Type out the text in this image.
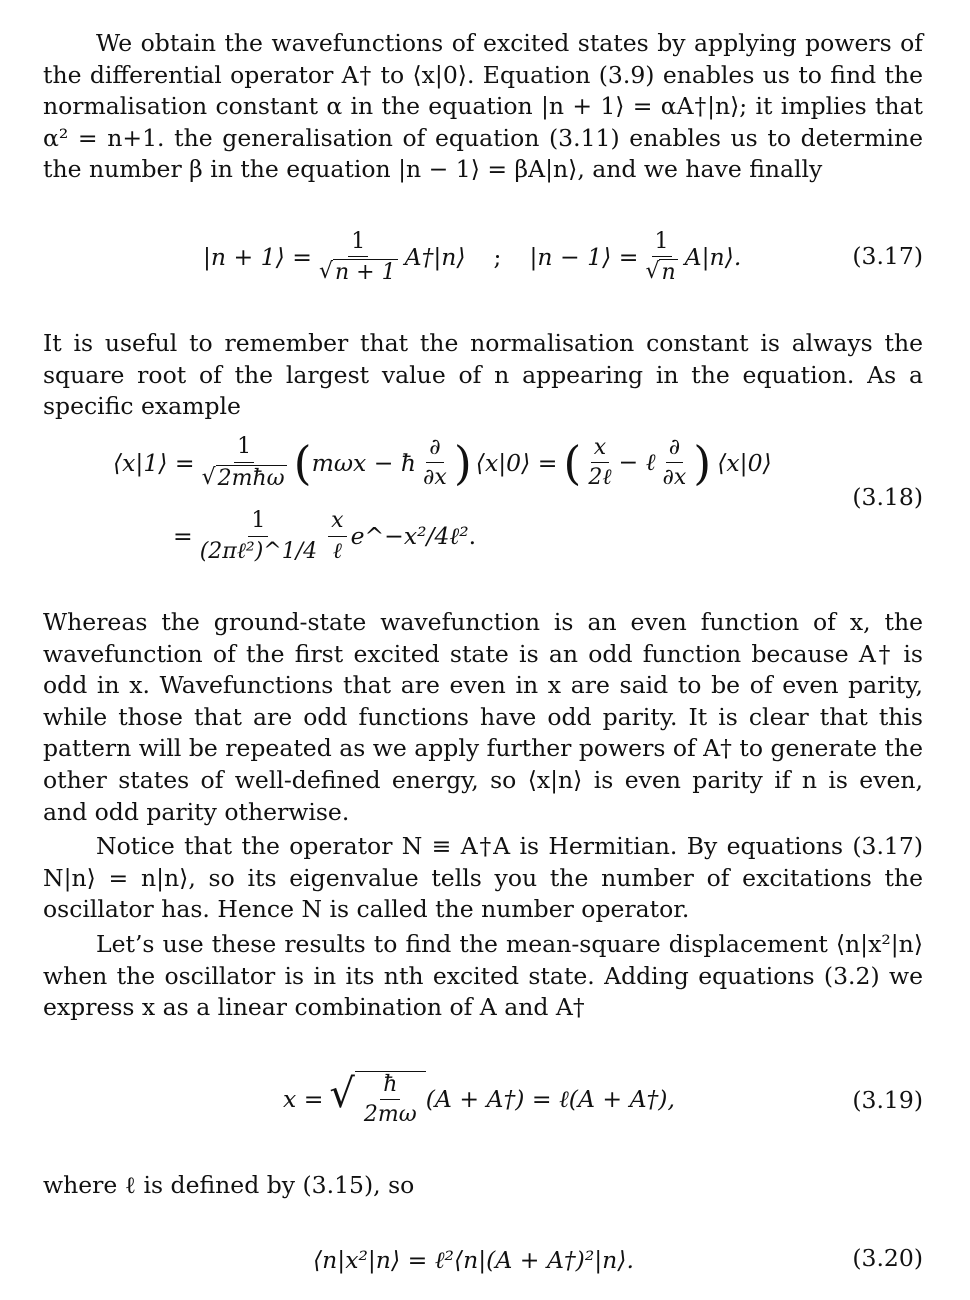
We obtain the wavefunctions of excited states by applying powers of the differential operator A† to ⟨x|0⟩. Equation (3.9) enables us to find the normalisation constant α in the equation |n + 1⟩ = αA†|n⟩; it implies that α² = n+1. the generalisation of equation (3.11) enables us to determine the number β in the equation |n − 1⟩ = βA|n⟩, and we have finally

|n + 1⟩ = $\frac{1}{√ n + 1}$ A†|n⟩ ; |n − 1⟩ = $\frac{1}{√ n}$ A|n⟩.	(3.17)

It is useful to remember that the normalisation constant is always the square root of the largest value of n appearing in the equation. As a specific example

⟨x|1⟩ = $\frac{1}{\text{√ 2mħω}}$ ( mωx − ħ $\frac{\partial}{\partial x}$ ) ⟨x|0⟩ = ( $\frac{x}{\text{2ℓ}}$ − ℓ $\frac{\partial}{\partial x}$ ) ⟨x|0⟩
= $\frac{1}{\text{(2πℓ²)\textasciicircum{}1/4}} \frac{x}{\text{ℓ}}$ e^−x²/4ℓ² .
(3.18)

Whereas the ground-state wavefunction is an even function of x, the wavefunction of the first excited state is an odd function because A† is odd in x. Wavefunctions that are even in x are said to be of even parity, while those that are odd functions have odd parity. It is clear that this pattern will be repeated as we apply further powers of A† to generate the other states of well-defined energy, so ⟨x|n⟩ is even parity if n is even, and odd parity otherwise.

Notice that the operator N ≡ A†A is Hermitian. By equations (3.17) N|n⟩ = n|n⟩, so its eigenvalue tells you the number of excitations the oscillator has. Hence N is called the number operator.

Let’s use these results to find the mean-square displacement ⟨n|x²|n⟩ when the oscillator is in its nth excited state. Adding equations (3.2) we express x as a linear combination of A and A†

x = √ $\frac{ħ}{2m\omega} (A$ + A†) = ℓ(A + A†),	(3.19)

where ℓ is defined by (3.15), so

⟨n|x²|n⟩ = ℓ²⟨n|(A + A†)²|n⟩.	(3.20)
